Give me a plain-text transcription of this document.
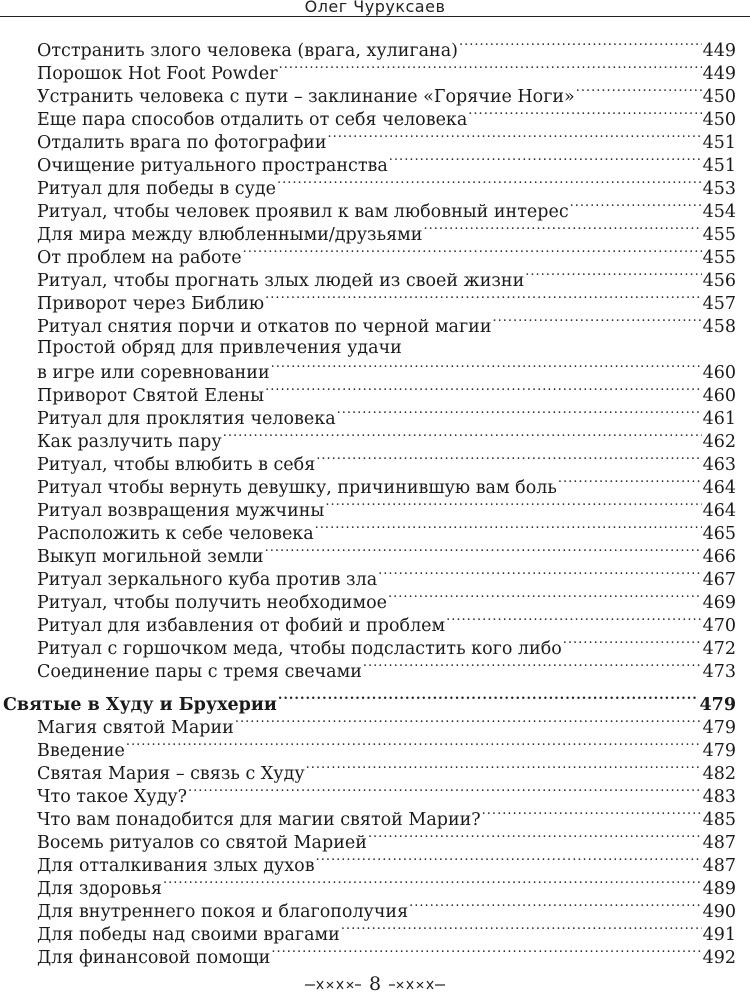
Олег Чуруксаев
Отстранить злого человека (врага, хулигана) .....	449
Порошок Hot Foot Powder .....	449
Устранить человека с пути – заклинание «Горячие Ноги» .....	450
Еще пара способов отдалить от себя человека .....	450
Отдалить врага по фотографии .....	451
Очищение ритуального пространства .....	451
Ритуал для победы в суде .....	453
Ритуал, чтобы человек проявил к вам любовный интерес .....	454
Для мира между влюбленными/друзьями .....	455
От проблем на работе .....	455
Ритуал, чтобы прогнать злых людей из своей жизни .....	456
Приворот через Библию .....	457
Ритуал снятия порчи и откатов по черной магии .....	458
Простой обряд для привлечения удачи
в игре или соревновании .....	460
Приворот Святой Елены .....	460
Ритуал для проклятия человека .....	461
Как разлучить пару .....	462
Ритуал, чтобы влюбить в себя .....	463
Ритуал чтобы вернуть девушку, причинившую вам боль .....	464
Ритуал возвращения мужчины .....	464
Расположить к себе человека .....	465
Выкуп могильной земли .....	466
Ритуал зеркального куба против зла .....	467
Ритуал, чтобы получить необходимое .....	469
Ритуал для избавления от фобий и проблем .....	470
Ритуал с горшочком меда, чтобы подсластить кого либо .....	472
Соединение пары с тремя свечами .....	473
Святые в Худу и Брухерии .....	479
Магия святой Марии .....	479
Введение .....	479
Святая Мария – связь с Худу .....	482
Что такое Худу? .....	483
Что вам понадобится для магии святой Марии? .....	485
Восемь ритуалов со святой Марией .....	487
Для отталкивания злых духов .....	487
Для здоровья .....	489
Для внутреннего покоя и благополучия .....	490
Для победы над своими врагами .....	491
Для финансовой помощи .....	492
8
